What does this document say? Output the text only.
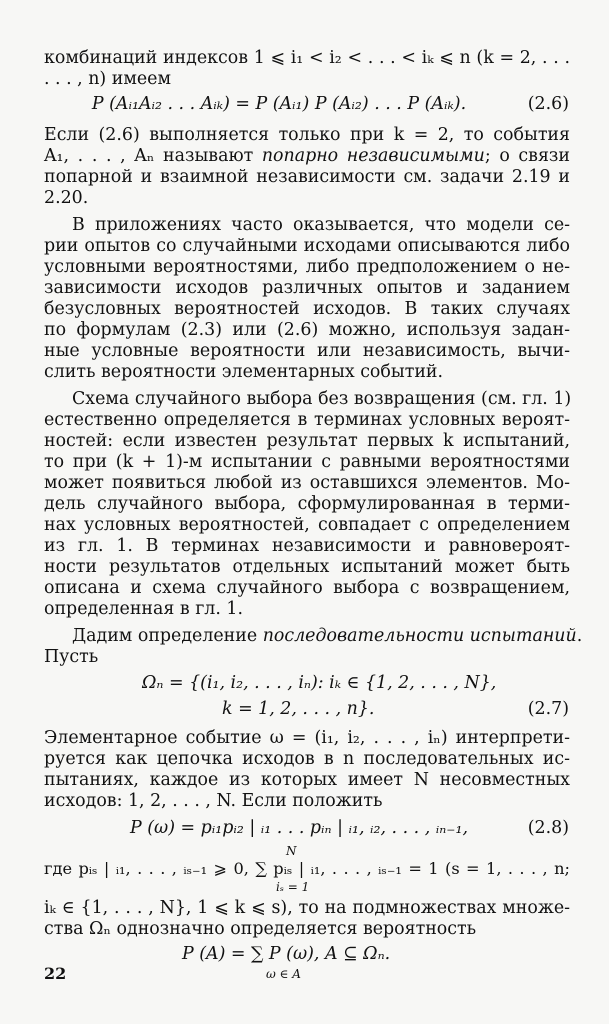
комбинаций индексов 1 ⩽ i₁ < i₂ < . . . < iₖ ⩽ n (k = 2, . . .
. . . , n) имеем
P (Aᵢ₁Aᵢ₂ . . . Aᵢₖ) = P (Aᵢ₁) P (Aᵢ₂) . . . P (Aᵢₖ).	(2.6)
Если (2.6) выполняется только при k = 2, то события
A₁, . . . , Aₙ называют попарно независимыми; о связи
попарной и взаимной независимости см. задачи 2.19 и
2.20.
В приложениях часто оказывается, что модели се-
рии опытов со случайными исходами описываются либо
условными вероятностями, либо предположением о не-
зависимости исходов различных опытов и заданием
безусловных вероятностей исходов. В таких случаях
по формулам (2.3) или (2.6) можно, используя задан-
ные условные вероятности или независимость, вычи-
слить вероятности элементарных событий.
Схема случайного выбора без возвращения (см. гл. 1)
естественно определяется в терминах условных вероят-
ностей: если известен результат первых k испытаний,
то при (k + 1)-м испытании с равными вероятностями
может появиться любой из оставшихся элементов. Мо-
дель случайного выбора, сформулированная в терми-
нах условных вероятностей, совпадает с определением
из гл. 1. В терминах независимости и равновероят-
ности результатов отдельных испытаний может быть
описана и схема случайного выбора с возвращением,
определенная в гл. 1.
Дадим определение последовательности испытаний.
Пусть
Ωₙ = {(i₁, i₂, . . . , iₙ): iₖ ∈ {1, 2, . . . , N},
k = 1, 2, . . . , n}.	(2.7)
Элементарное событие ω = (i₁, i₂, . . . , iₙ) интерпрети-
руется как цепочка исходов в n последовательных ис-
пытаниях, каждое из которых имеет N несовместных
исходов: 1, 2, . . . , N. Если положить
P (ω) = pᵢ₁pᵢ₂ | ᵢ₁ . . . pᵢₙ | ᵢ₁, ᵢ₂, . . . , ᵢₙ₋₁,	(2.8)
N
где pᵢₛ | ᵢ₁, . . . , ᵢₛ₋₁ ⩾ 0, ∑ pᵢₛ | ᵢ₁, . . . , ᵢₛ₋₁ = 1 (s = 1, . . . , n;
iₛ = 1
iₖ ∈ {1, . . . , N}, 1 ⩽ k ⩽ s), то на подмножествах множе-
ства Ωₙ однозначно определяется вероятность
P (A) = ∑ P (ω), A ⊆ Ωₙ.
ω ∈ A
22
